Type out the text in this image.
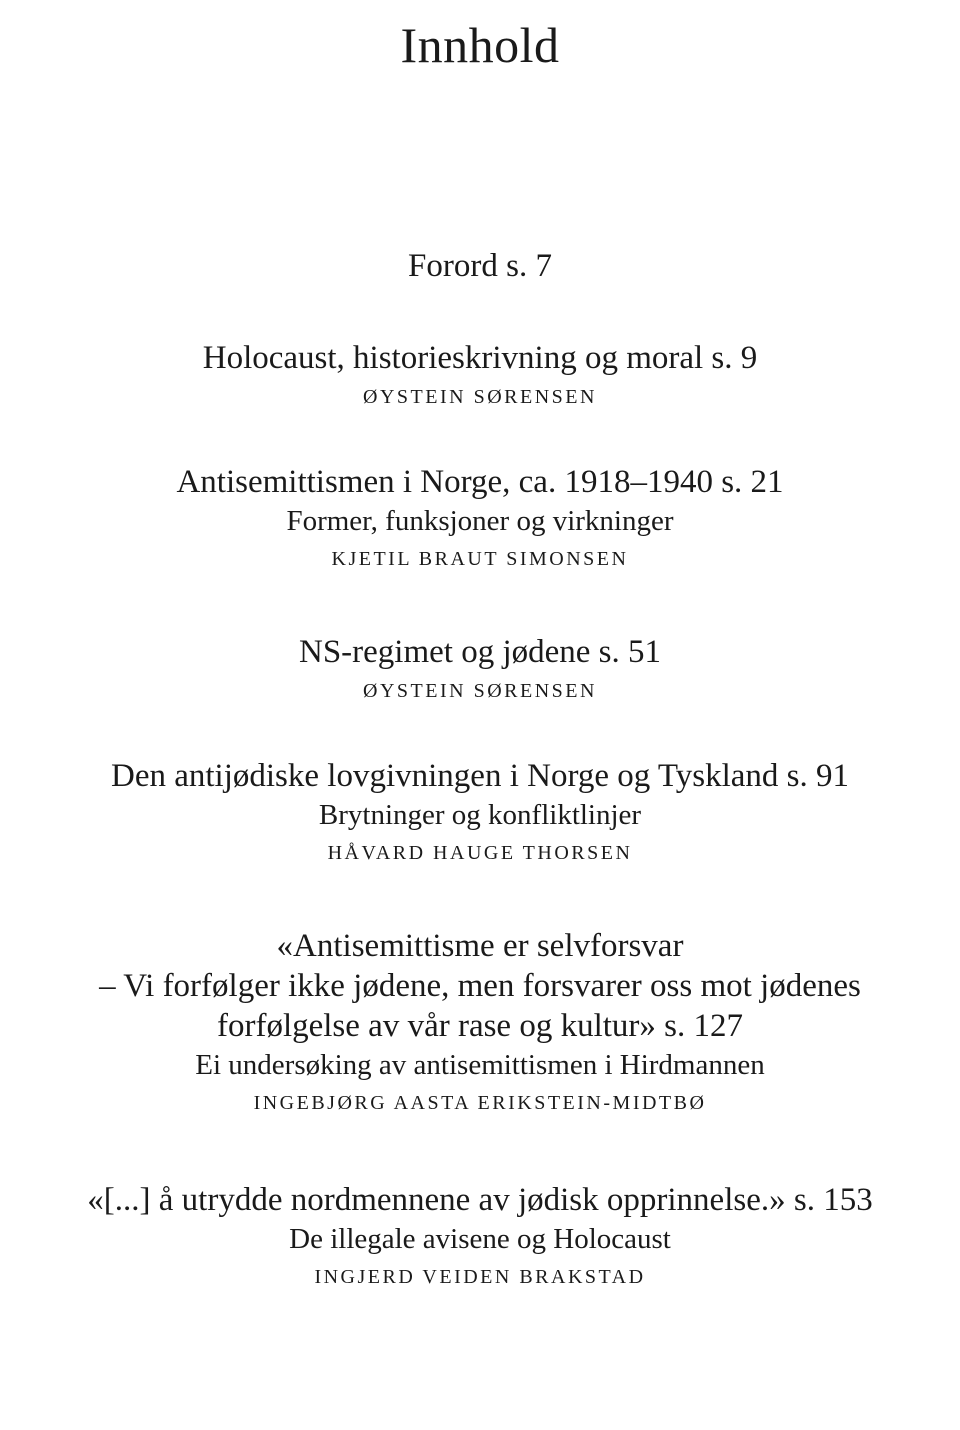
Innhold
Forord s. 7
Holocaust, historieskrivning og moral s. 9
ØYSTEIN SØRENSEN
Antisemittismen i Norge, ca. 1918–1940 s. 21
Former, funksjoner og virkninger
KJETIL BRAUT SIMONSEN
NS-regimet og jødene s. 51
ØYSTEIN SØRENSEN
Den antijødiske lovgivningen i Norge og Tyskland s. 91
Brytninger og konfliktlinjer
HÅVARD HAUGE THORSEN
«Antisemittisme er selvforsvar
– Vi forfølger ikke jødene, men forsvarer oss mot jødenes
forfølgelse av vår rase og kultur» s. 127
Ei undersøking av antisemittismen i Hirdmannen
INGEBJØRG AASTA ERIKSTEIN-MIDTBØ
«[...] å utrydde nordmennene av jødisk opprinnelse.» s. 153
De illegale avisene og Holocaust
INGJERD VEIDEN BRAKSTAD
